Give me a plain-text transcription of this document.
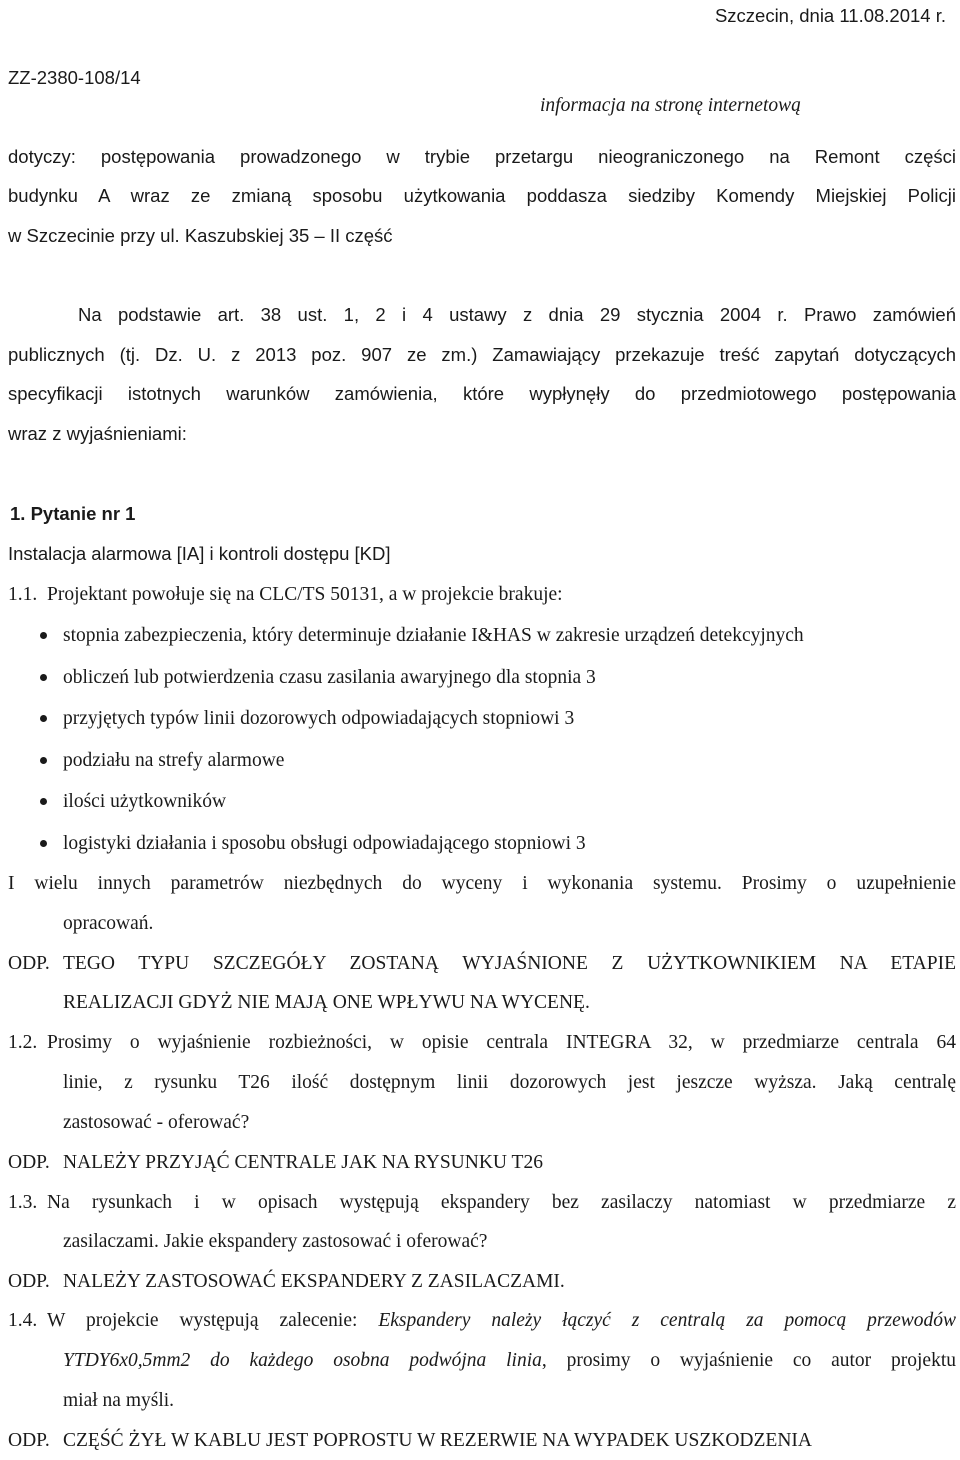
Szczecin, dnia 11.08.2014 r.
ZZ-2380-108/14
informacja na stronę internetową
dotyczy: postępowania prowadzonego w trybie przetargu nieograniczonego na Remont części
budynku A wraz ze zmianą sposobu użytkowania poddasza siedziby Komendy Miejskiej Policji
w Szczecinie przy ul. Kaszubskiej 35 – II część
Na podstawie art. 38 ust. 1, 2 i 4 ustawy z dnia 29 stycznia 2004 r. Prawo zamówień
publicznych (tj. Dz. U. z 2013 poz. 907 ze zm.) Zamawiający przekazuje treść zapytań dotyczących
specyfikacji istotnych warunków zamówienia, które wypłynęły do przedmiotowego postępowania
wraz z wyjaśnieniami:
1. Pytanie nr 1
Instalacja alarmowa [IA] i kontroli dostępu [KD]
1.1. Projektant powołuje się na CLC/TS 50131, a w projekcie brakuje:
stopnia zabezpieczenia, który determinuje działanie I&HAS w zakresie urządzeń detekcyjnych
obliczeń lub potwierdzenia czasu zasilania awaryjnego dla stopnia 3
przyjętych typów linii dozorowych odpowiadających stopniowi 3
podziału na strefy alarmowe
ilości użytkowników
logistyki działania i sposobu obsługi odpowiadającego stopniowi 3
I wielu innych parametrów niezbędnych do wyceny i wykonania systemu. Prosimy o uzupełnienie
opracowań.
ODP. TEGO TYPU SZCZEGÓŁY ZOSTANĄ WYJAŚNIONE Z UŻYTKOWNIKIEM NA ETAPIE
REALIZACJI GDYŻ NIE MAJĄ ONE WPŁYWU NA WYCENĘ.
1.2. Prosimy o wyjaśnienie rozbieżności, w opisie centrala INTEGRA 32, w przedmiarze centrala 64
linie, z rysunku T26 ilość dostępnym linii dozorowych jest jeszcze wyższa. Jaką centralę
zastosować - oferować?
ODP. NALEŻY PRZYJĄĆ CENTRALE JAK NA RYSUNKU T26
1.3. Na rysunkach i w opisach występują ekspandery bez zasilaczy natomiast w przedmiarze z
zasilaczami. Jakie ekspandery zastosować i oferować?
ODP. NALEŻY ZASTOSOWAĆ EKSPANDERY Z ZASILACZAMI.
1.4. W projekcie występują zalecenie: Ekspandery należy łączyć z centralą za pomocą przewodów
YTDY6x0,5mm2 do każdego osobna podwójna linia, prosimy o wyjaśnienie co autor projektu
miał na myśli.
ODP. CZĘŚĆ ŻYŁ W KABLU JEST POPROSTU W REZERWIE NA WYPADEK USZKODZENIA
